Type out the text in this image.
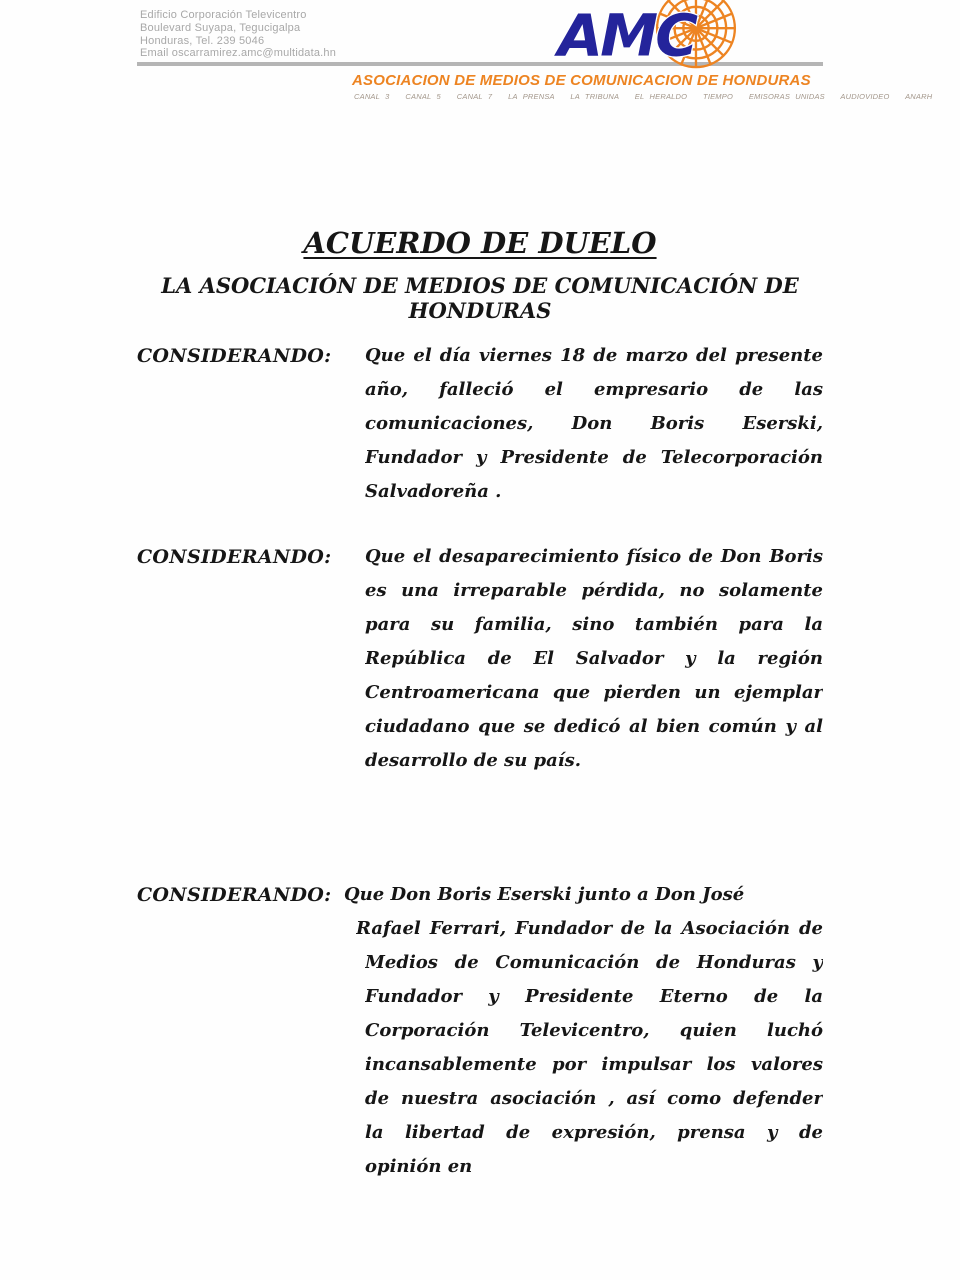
Edificio Corporación Televicentro
Boulevard Suyapa, Tegucigalpa
Honduras, Tel. 239 5046
Email oscarramirez.amc@multidata.hn	AMC
ASOCIACION DE MEDIOS DE COMUNICACION DE HONDURAS
CANAL 3   CANAL 5   CANAL 7   LA PRENSA   LA TRIBUNA   EL HERALDO   TIEMPO   EMISORAS UNIDAS   AUDIOVIDEO   ANARH
ACUERDO DE DUELO
LA ASOCIACIÓN DE MEDIOS DE COMUNICACIÓN DE HONDURAS
CONSIDERANDO:	Que el día viernes 18 de marzo del presente
año, falleció el empresario de las
comunicaciones, Don Boris Eserski,
Fundador y Presidente de Telecorporación
Salvadoreña .
CONSIDERANDO:	Que el desaparecimiento físico de Don Boris
es una irreparable pérdida, no solamente
para su familia, sino también para la
República de El Salvador y la región
Centroamericana que pierden un ejemplar
ciudadano que se dedicó al bien común y al
desarrollo de su país.
CONSIDERANDO: Que Don Boris Eserski junto a Don José
Rafael Ferrari, Fundador de la Asociación de
Medios de Comunicación de Honduras y
Fundador y Presidente Eterno de la
Corporación Televicentro, quien luchó
incansablemente por impulsar los valores
de nuestra asociación , así como defender
la libertad de expresión, prensa y de
opinión en
